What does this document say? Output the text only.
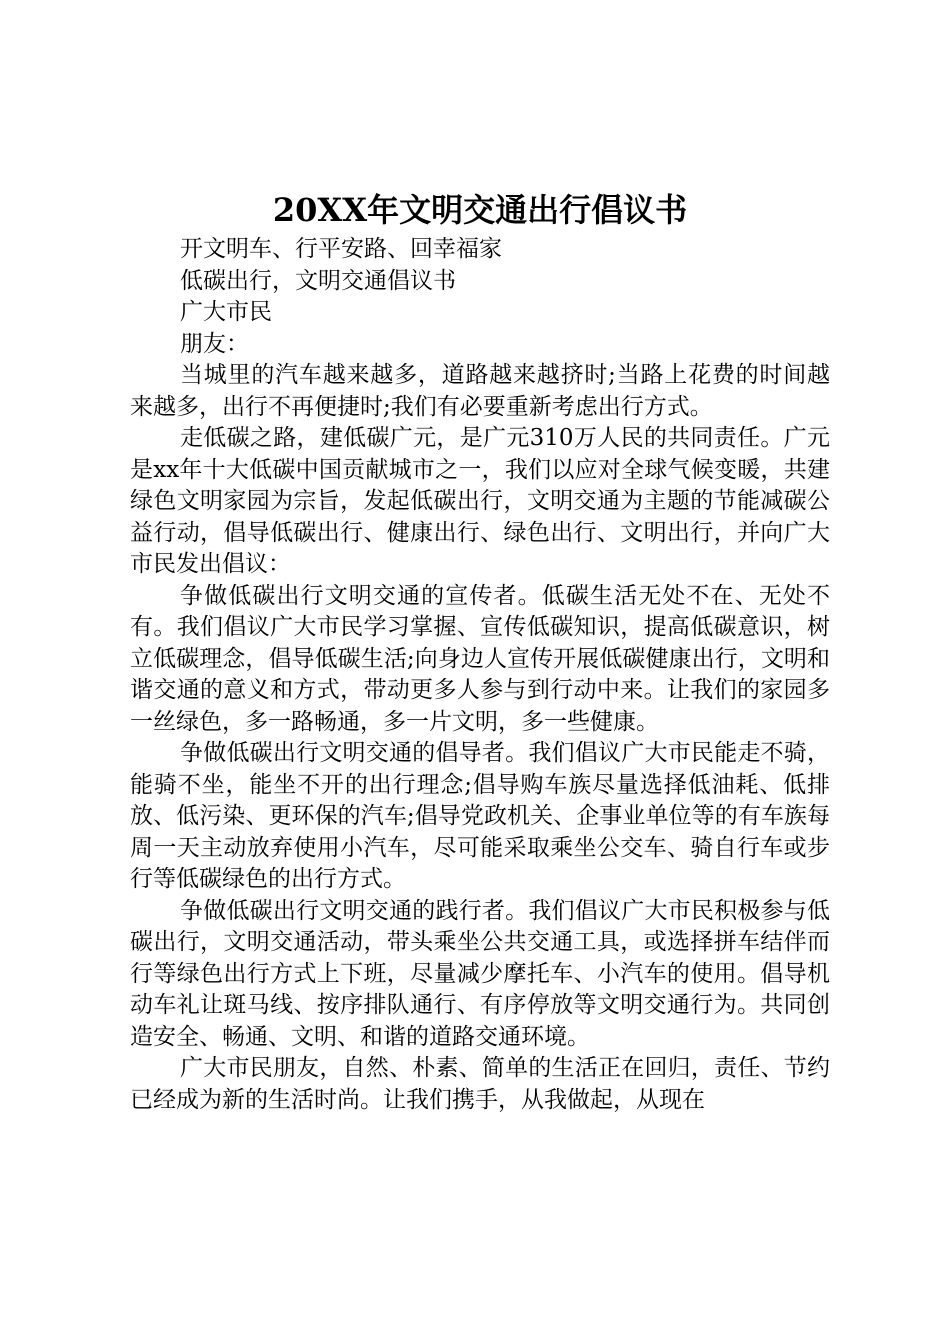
20XX年文明交通出行倡议书

开文明车、行平安路、回幸福家

低碳出行，文明交通倡议书

广大市民

朋友：

当城里的汽车越来越多，道路越来越挤时;当路上花费的时间越来越多，出行不再便捷时;我们有必要重新考虑出行方式。

走低碳之路，建低碳广元，是广元310万人民的共同责任。广元是xx年十大低碳中国贡献城市之一，我们以应对全球气候变暖，共建绿色文明家园为宗旨，发起低碳出行，文明交通为主题的节能减碳公益行动，倡导低碳出行、健康出行、绿色出行、文明出行，并向广大市民发出倡议：

争做低碳出行文明交通的宣传者。低碳生活无处不在、无处不有。我们倡议广大市民学习掌握、宣传低碳知识，提高低碳意识，树立低碳理念，倡导低碳生活;向身边人宣传开展低碳健康出行，文明和谐交通的意义和方式，带动更多人参与到行动中来。让我们的家园多一丝绿色，多一路畅通，多一片文明，多一些健康。

争做低碳出行文明交通的倡导者。我们倡议广大市民能走不骑，能骑不坐，能坐不开的出行理念;倡导购车族尽量选择低油耗、低排放、低污染、更环保的汽车;倡导党政机关、企事业单位等的有车族每周一天主动放弃使用小汽车，尽可能采取乘坐公交车、骑自行车或步行等低碳绿色的出行方式。

争做低碳出行文明交通的践行者。我们倡议广大市民积极参与低碳出行，文明交通活动，带头乘坐公共交通工具，或选择拼车结伴而行等绿色出行方式上下班，尽量减少摩托车、小汽车的使用。倡导机动车礼让斑马线、按序排队通行、有序停放等文明交通行为。共同创造安全、畅通、文明、和谐的道路交通环境。

广大市民朋友，自然、朴素、简单的生活正在回归，责任、节约已经成为新的生活时尚。让我们携手，从我做起，从现在
